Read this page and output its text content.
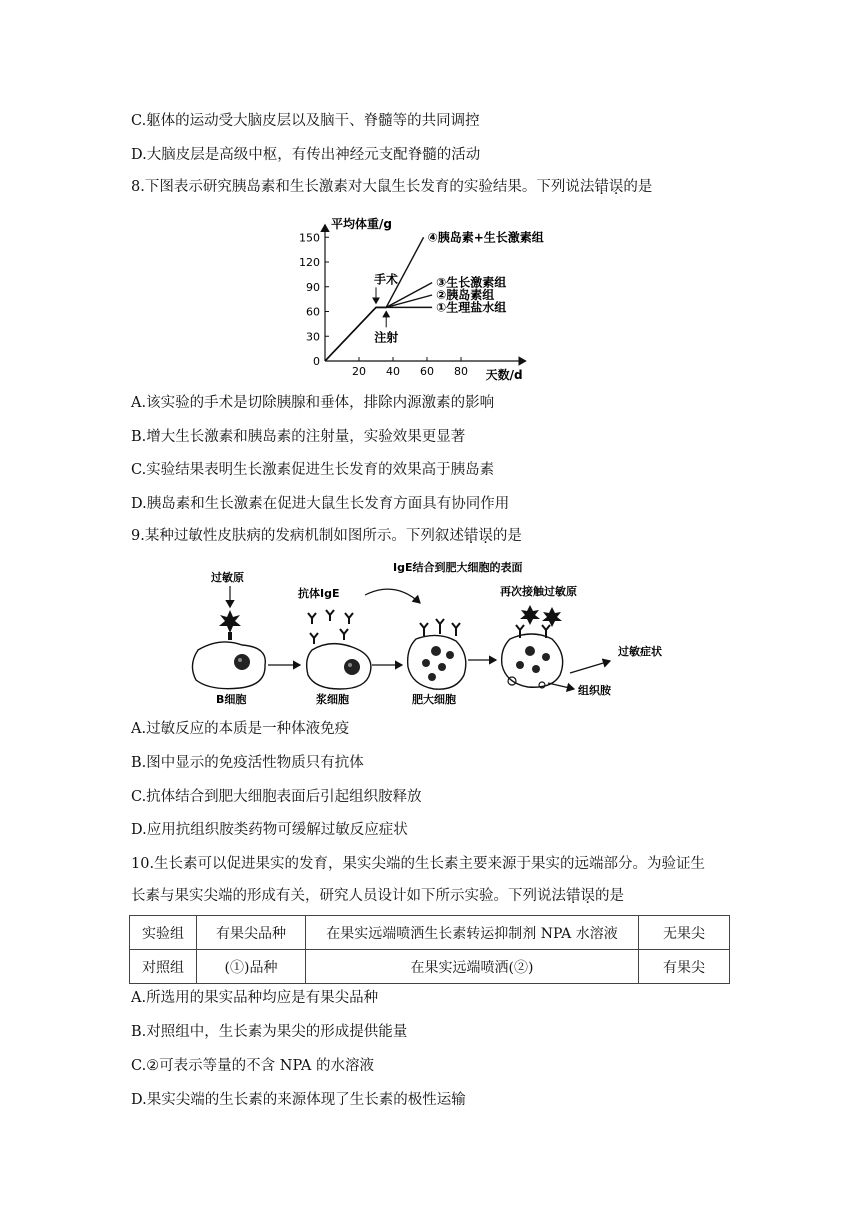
C.躯体的运动受大脑皮层以及脑干、脊髓等的共同调控
D.大脑皮层是高级中枢，有传出神经元支配脊髓的活动
8.下图表示研究胰岛素和生长激素对大鼠生长发育的实验结果。下列说法错误的是
0
30
60
90
120
150
20 40 60 80
平均体重/g
天数/d
④胰岛素+生长激素组
③生长激素组
②胰岛素组
①生理盐水组
手术
注射
A.该实验的手术是切除胰腺和垂体，排除内源激素的影响
B.增大生长激素和胰岛素的注射量，实验效果更显著
C.实验结果表明生长激素促进生长发育的效果高于胰岛素
D.胰岛素和生长激素在促进大鼠生长发育方面具有协同作用
9.某种过敏性皮肤病的发病机制如图所示。下列叙述错误的是
过敏原
B细胞
抗体IgE
浆细胞
IgE结合到肥大细胞的表面
肥大细胞
再次接触过敏原
组织胺
过敏症状
A.过敏反应的本质是一种体液免疫
B.图中显示的免疫活性物质只有抗体
C.抗体结合到肥大细胞表面后引起组织胺释放
D.应用抗组织胺类药物可缓解过敏反应症状
10.生长素可以促进果实的发育，果实尖端的生长素主要来源于果实的远端部分。为验证生
长素与果实尖端的形成有关，研究人员设计如下所示实验。下列说法错误的是
实验组	有果尖品种	在果实远端喷洒生长素转运抑制剂 NPA 水溶液	无果尖
对照组	(①)品种	在果实远端喷洒(②)	有果尖
A.所选用的果实品种均应是有果尖品种
B.对照组中，生长素为果尖的形成提供能量
C.②可表示等量的不含 NPA 的水溶液
D.果实尖端的生长素的来源体现了生长素的极性运输
